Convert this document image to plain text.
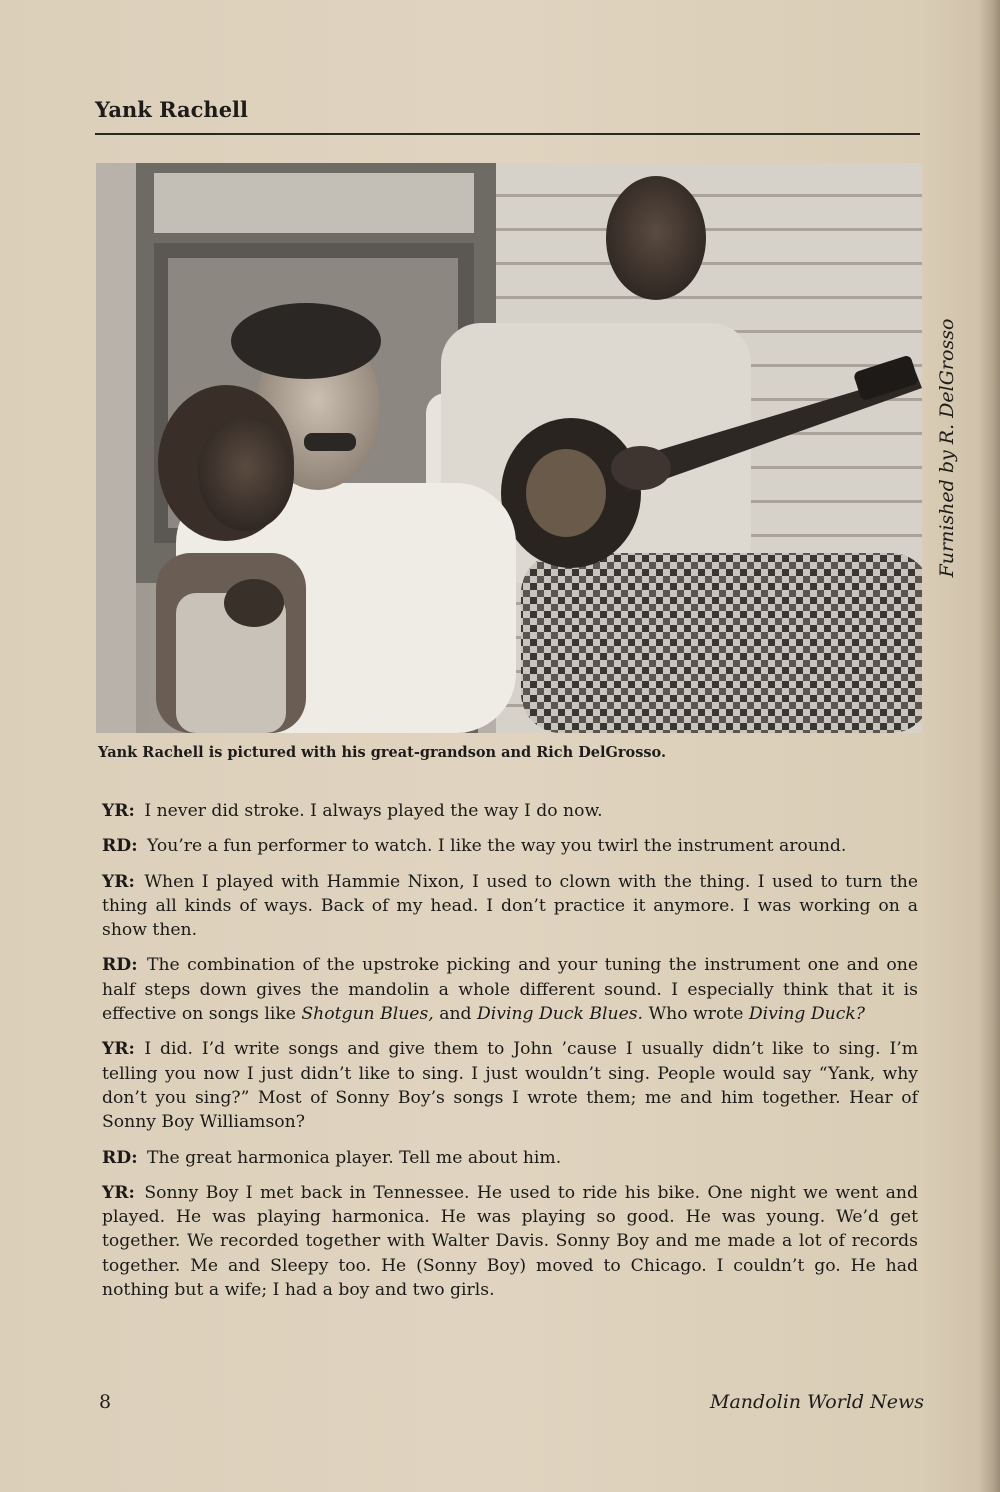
Yank Rachell
Furnished by R. DelGrosso
Yank Rachell is pictured with his great-grandson and Rich DelGrosso.

YR: I never did stroke. I always played the way I do now.

RD: You’re a fun performer to watch. I like the way you twirl the instrument around.

YR: When I played with Hammie Nixon, I used to clown with the thing. I used to turn the thing all kinds of ways. Back of my head. I don’t practice it anymore. I was working on a show then.

RD: The combination of the upstroke picking and your tuning the instrument one and one half steps down gives the mandolin a whole different sound. I especially think that it is effective on songs like Shotgun Blues, and Diving Duck Blues. Who wrote Diving Duck?

YR: I did. I’d write songs and give them to John ’cause I usually didn’t like to sing. I’m telling you now I just didn’t like to sing. I just wouldn’t sing. People would say “Yank, why don’t you sing?” Most of Sonny Boy’s songs I wrote them; me and him together. Hear of Sonny Boy Williamson?

RD: The great harmonica player. Tell me about him.

YR: Sonny Boy I met back in Tennessee. He used to ride his bike. One night we went and played. He was playing harmonica. He was playing so good. He was young. We’d get together. We recorded together with Walter Davis. Sonny Boy and me made a lot of records together. Me and Sleepy too. He (Sonny Boy) moved to Chicago. I couldn’t go. He had nothing but a wife; I had a boy and two girls.

8	Mandolin World News
